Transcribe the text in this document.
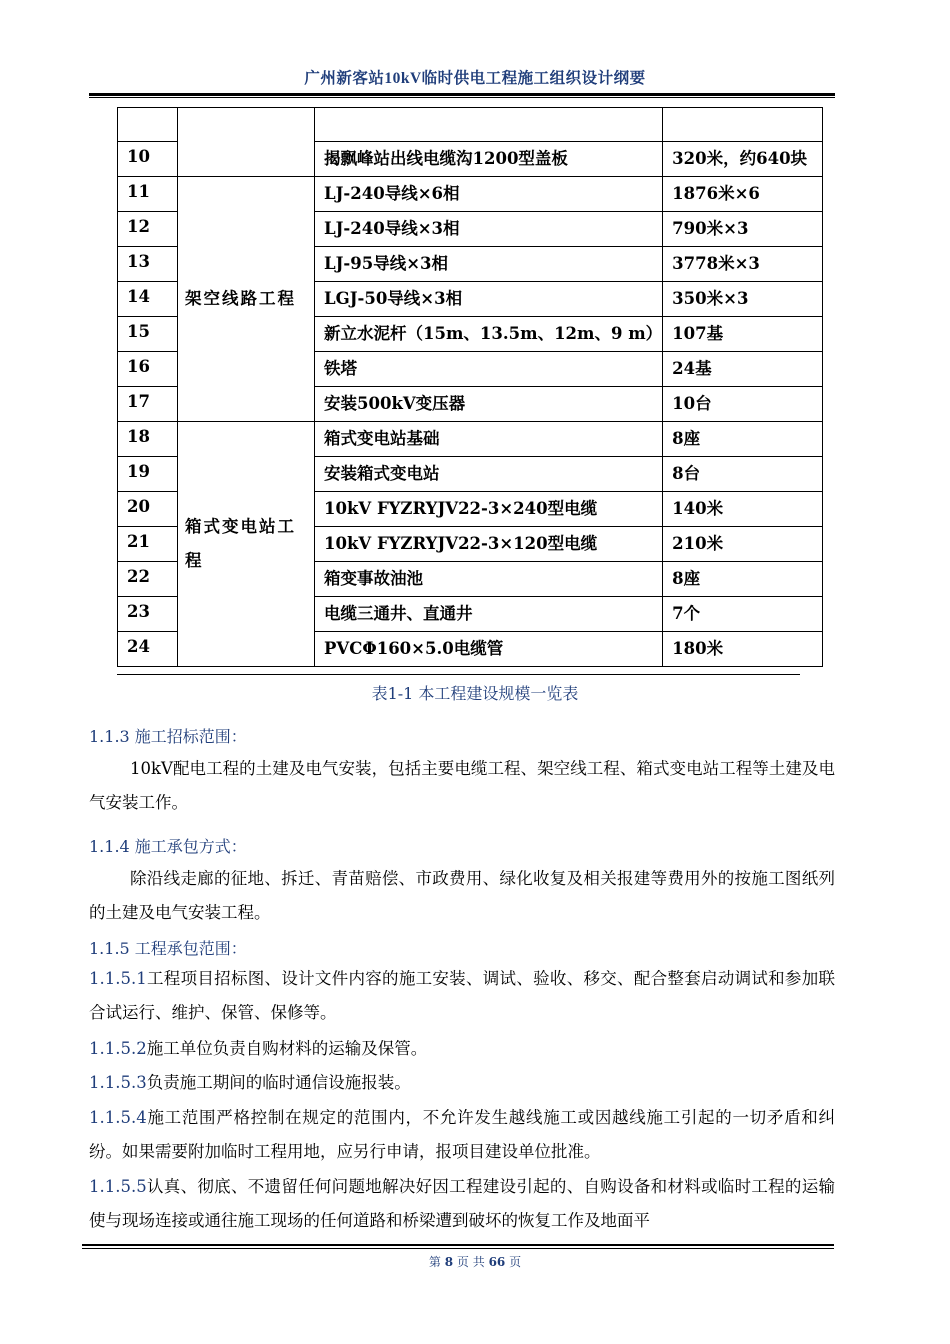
广州新客站10kV临时供电工程施工组织设计纲要

10		揭飘峰站出线电缆沟1200型盖板	320米，约640块
11	架空线路工程	LJ-240导线×6相	1876米×6
12		LJ-240导线×3相	790米×3
13		LJ-95导线×3相	3778米×3
14		LGJ-50导线×3相	350米×3
15		新立水泥杆（15m、13.5m、12m、9 m）	107基
16		铁塔	24基
17		安装500kV变压器	10台
18	箱式变电站工程	箱式变电站基础	8座
19		安装箱式变电站	8台
20		10kV FYZRYJV22-3×240型电缆	140米
21		10kV FYZRYJV22-3×120型电缆	210米
22		箱变事故油池	8座
23		电缆三通井、直通井	7个
24		PVCΦ160×5.0电缆管	180米
表1-1 本工程建设规模一览表
1.1.3 施工招标范围：
10kV配电工程的土建及电气安装，包括主要电缆工程、架空线工程、箱式变电站工程等土建及电气安装工作。
1.1.4 施工承包方式：
除沿线走廊的征地、拆迁、青苗赔偿、市政费用、绿化收复及相关报建等费用外的按施工图纸列的土建及电气安装工程。
1.1.5 工程承包范围：
1.1.5.1工程项目招标图、设计文件内容的施工安装、调试、验收、移交、配合整套启动调试和参加联合试运行、维护、保管、保修等。
1.1.5.2施工单位负责自购材料的运输及保管。
1.1.5.3负责施工期间的临时通信设施报装。
1.1.5.4施工范围严格控制在规定的范围内，不允许发生越线施工或因越线施工引起的一切矛盾和纠纷。如果需要附加临时工程用地，应另行申请，报项目建设单位批准。
1.1.5.5认真、彻底、不遗留任何问题地解决好因工程建设引起的、自购设备和材料或临时工程的运输使与现场连接或通往施工现场的任何道路和桥梁遭到破坏的恢复工作及地面平
第 8 页 共 66 页
